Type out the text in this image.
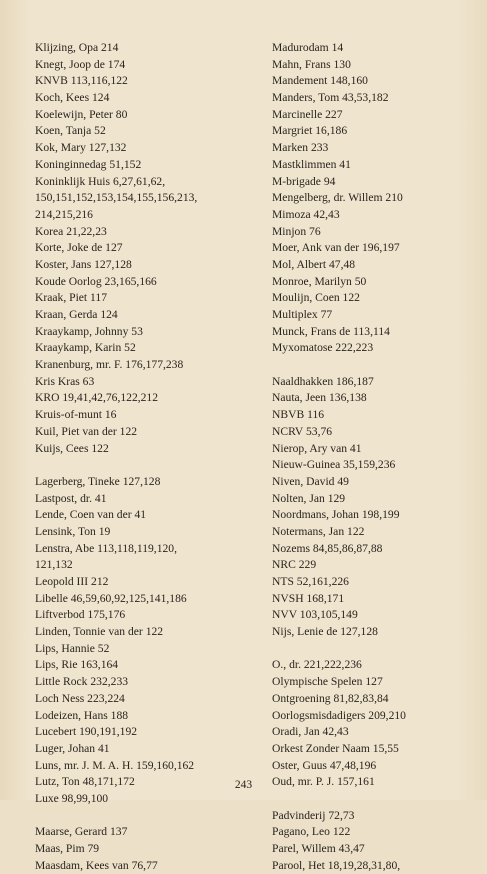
Klijzing, Opa 214
Knegt, Joop de 174
KNVB 113,116,122
Koch, Kees 124
Koelewijn, Peter 80
Koen, Tanja 52
Kok, Mary 127,132
Koninginnedag 51,152
Koninklijk Huis 6,27,61,62,
150,151,152,153,154,155,156,213,
214,215,216
Korea 21,22,23
Korte, Joke de 127
Koster, Jans 127,128
Koude Oorlog 23,165,166
Kraak, Piet 117
Kraan, Gerda 124
Kraaykamp, Johnny 53
Kraaykamp, Karin 52
Kranenburg, mr. F. 176,177,238
Kris Kras 63
KRO 19,41,42,76,122,212
Kruis-of-munt 16
Kuil, Piet van der 122
Kuijs, Cees 122
Lagerberg, Tineke 127,128
Lastpost, dr. 41
Lende, Coen van der 41
Lensink, Ton 19
Lenstra, Abe 113,118,119,120,
121,132
Leopold III 212
Libelle 46,59,60,92,125,141,186
Liftverbod 175,176
Linden, Tonnie van der 122
Lips, Hannie 52
Lips, Rie 163,164
Little Rock 232,233
Loch Ness 223,224
Lodeizen, Hans 188
Lucebert 190,191,192
Luger, Johan 41
Luns, mr. J. M. A. H. 159,160,162
Lutz, Ton 48,171,172
Luxe 98,99,100
Maarse, Gerard 137
Maas, Pim 79
Maasdam, Kees van 76,77
Madurodam 14
Mahn, Frans 130
Mandement 148,160
Manders, Tom 43,53,182
Marcinelle 227
Margriet 16,186
Marken 233
Mastklimmen 41
M-brigade 94
Mengelberg, dr. Willem 210
Mimoza 42,43
Minjon 76
Moer, Ank van der 196,197
Mol, Albert 47,48
Monroe, Marilyn 50
Moulijn, Coen 122
Multiplex 77
Munck, Frans de 113,114
Myxomatose 222,223
Naaldhakken 186,187
Nauta, Jeen 136,138
NBVB 116
NCRV 53,76
Nierop, Ary van 41
Nieuw-Guinea 35,159,236
Niven, David 49
Nolten, Jan 129
Noordmans, Johan 198,199
Notermans, Jan 122
Nozems 84,85,86,87,88
NRC 229
NTS 52,161,226
NVSH 168,171
NVV 103,105,149
Nijs, Lenie de 127,128
O., dr. 221,222,236
Olympische Spelen 127
Ontgroening 81,82,83,84
Oorlogsmisdadigers 209,210
Oradi, Jan 42,43
Orkest Zonder Naam 15,55
Oster, Guus 47,48,196
Oud, mr. P. J. 157,161
Padvinderij 72,73
Pagano, Leo 122
Parel, Willem 43,47
Parool, Het 18,19,28,31,80,
243
